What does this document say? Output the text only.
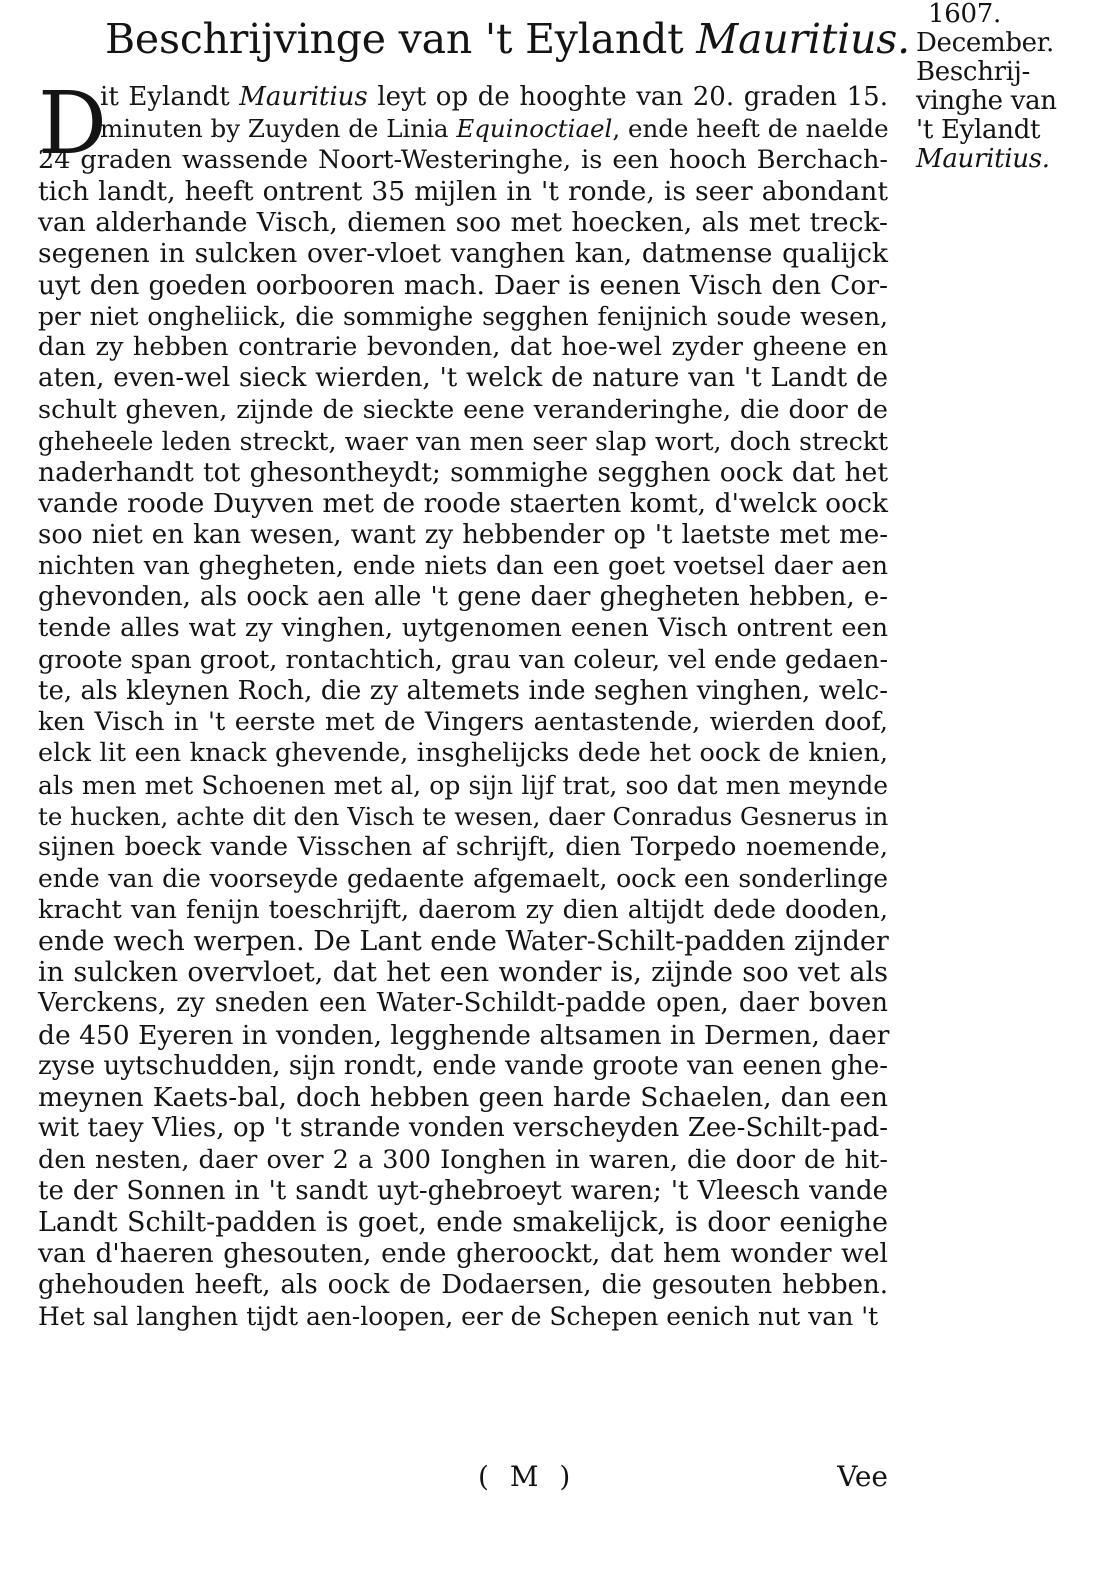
1607.
December.
Beschrij-
vinghe van
't Eylandt
Mauritius.
Beschrijvinge van 't Eylandt Mauritius.
D
it Eylandt Mauritius leyt op de hooghte van 20. graden 15.
minuten by Zuyden de Linia Equinoctiael, ende heeft de naelde
24 graden wassende Noort-Westeringhe, is een hooch Berchach-
tich landt, heeft ontrent 35 mijlen in 't ronde, is seer abondant
van alderhande Visch, diemen soo met hoecken, als met treck-
segenen in sulcken over-vloet vanghen kan, datmense qualijck
uyt den goeden oorbooren mach. Daer is eenen Visch den Cor-
per niet ongheliick, die sommighe segghen fenijnich soude wesen,
dan zy hebben contrarie bevonden, dat hoe-wel zyder gheene en
aten, even-wel sieck wierden, 't welck de nature van 't Landt de
schult gheven, zijnde de sieckte eene veranderinghe, die door de
gheheele leden streckt, waer van men seer slap wort, doch streckt
naderhandt tot ghesontheydt; sommighe segghen oock dat het
vande roode Duyven met de roode staerten komt, d'welck oock
soo niet en kan wesen, want zy hebbender op 't laetste met me-
nichten van ghegheten, ende niets dan een goet voetsel daer aen
ghevonden, als oock aen alle 't gene daer ghegheten hebben, e-
tende alles wat zy vinghen, uytgenomen eenen Visch ontrent een
groote span groot, rontachtich, grau van coleur, vel ende gedaen-
te, als kleynen Roch, die zy altemets inde seghen vinghen, welc-
ken Visch in 't eerste met de Vingers aentastende, wierden doof,
elck lit een knack ghevende, insghelijcks dede het oock de knien,
als men met Schoenen met al, op sijn lijf trat, soo dat men meynde
te hucken, achte dit den Visch te wesen, daer Conradus Gesnerus in
sijnen boeck vande Visschen af schrijft, dien Torpedo noemende,
ende van die voorseyde gedaente afgemaelt, oock een sonderlinge
kracht van fenijn toeschrijft, daerom zy dien altijdt dede dooden,
ende wech werpen. De Lant ende Water-Schilt-padden zijnder
in sulcken overvloet, dat het een wonder is, zijnde soo vet als
Verckens, zy sneden een Water-Schildt-padde open, daer boven
de 450 Eyeren in vonden, legghende altsamen in Dermen, daer
zyse uytschudden, sijn rondt, ende vande groote van eenen ghe-
meynen Kaets-bal, doch hebben geen harde Schaelen, dan een
wit taey Vlies, op 't strande vonden verscheyden Zee-Schilt-pad-
den nesten, daer over 2 a 300 Ionghen in waren, die door de hit-
te der Sonnen in 't sandt uyt-ghebroeyt waren; 't Vleesch vande
Landt Schilt-padden is goet, ende smakelijck, is door eenighe
van d'haeren ghesouten, ende gheroockt, dat hem wonder wel
ghehouden heeft, als oock de Dodaersen, die gesouten hebben.
Het sal langhen tijdt aen-loopen, eer de Schepen eenich nut van 't
( M )	Vee
